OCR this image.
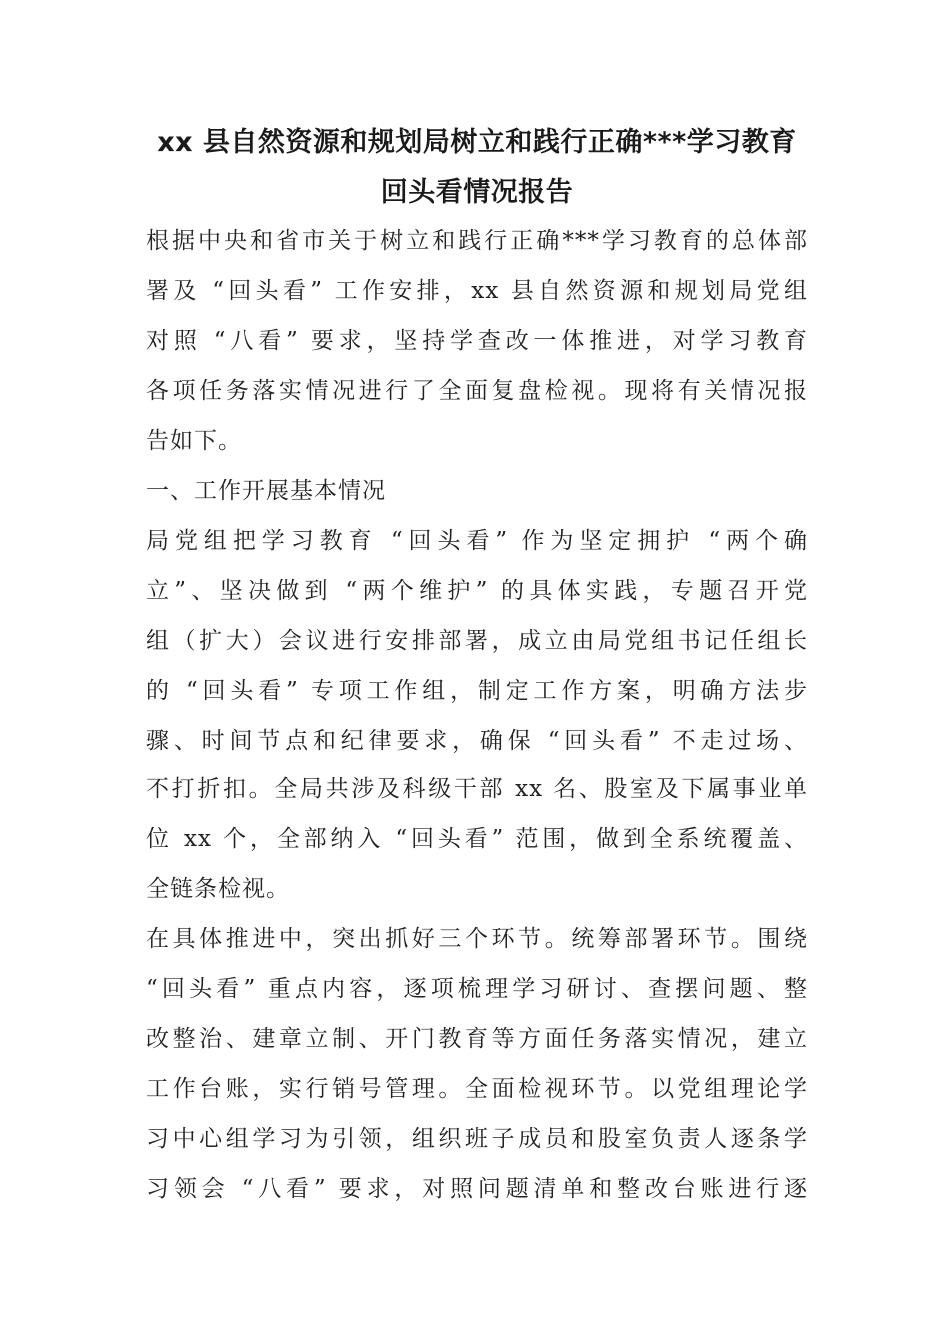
xx 县自然资源和规划局树立和践行正确***学习教育
回头看情况报告
根据中央和省市关于树立和践行正确***学习教育的总体部
署及 “回头看” 工作安排，xx 县自然资源和规划局党组
对照 “八看” 要求，坚持学查改一体推进，对学习教育
各项任务落实情况进行了全面复盘检视。现将有关情况报
告如下。
一、工作开展基本情况
局党组把学习教育 “回头看” 作为坚定拥护 “两个确
立”、坚决做到 “两个维护” 的具体实践，专题召开党
组（扩大）会议进行安排部署，成立由局党组书记任组长
的 “回头看” 专项工作组，制定工作方案，明确方法步
骤、时间节点和纪律要求，确保 “回头看” 不走过场、
不打折扣。全局共涉及科级干部 xx 名、股室及下属事业单
位 xx 个，全部纳入 “回头看” 范围，做到全系统覆盖、
全链条检视。
在具体推进中，突出抓好三个环节。统筹部署环节。围绕
“回头看” 重点内容，逐项梳理学习研讨、查摆问题、整
改整治、建章立制、开门教育等方面任务落实情况，建立
工作台账，实行销号管理。全面检视环节。以党组理论学
习中心组学习为引领，组织班子成员和股室负责人逐条学
习领会 “八看” 要求，对照问题清单和整改台账进行逐
